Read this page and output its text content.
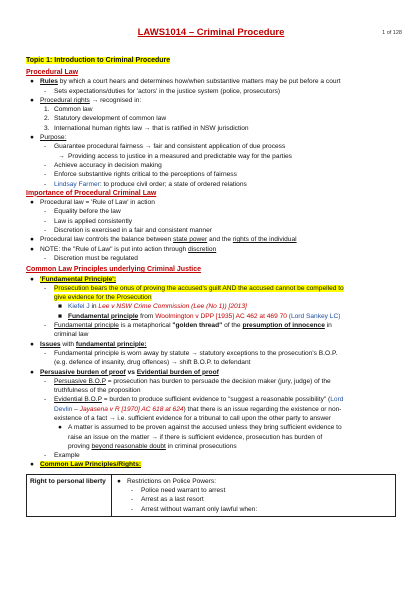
1 of 128
LAWS1014 – Criminal Procedure
Topic 1: Introduction to Criminal Procedure
Procedural Law
● Rules by which a court hears and determines how/when substantive matters may be put before a court
- Sets expectations/duties for 'actors' in the justice system (police, prosecutors)
● Procedural rights → recognised in:
1. Common law
2. Statutory development of common law
3. International human rights law → that is ratified in NSW jurisdiction
● Purpose:
- Guarantee procedural fairness → fair and consistent application of due process
→ Providing access to justice in a measured and predictable way for the parties
- Achieve accuracy in decision making
- Enforce substantive rights critical to the perceptions of fairness
- Lindsay Farmer: to produce civil order; a state of ordered relations
Importance of Procedural Criminal Law
● Procedural law = 'Rule of Law' in action
- Equality before the law
- Law is applied consistently
- Discretion is exercised in a fair and consistent manner
● Procedural law controls the balance between state power and the rights of the individual
● NOTE: the "Rule of Law" is put into action through discretion
- Discretion must be regulated
Common Law Principles underlying Criminal Justice
● 'Fundamental Principle':
- Prosecution bears the onus of proving the accused's guilt AND the accused cannot be compelled to
give evidence for the Prosecution
■ Kiefel J in Lee v NSW Crime Commission (Lee (No 1)) [2013]
■ Fundamental principle from Woolmington v DPP [1935] AC 462 at 469 70 (Lord Sankey LC)
- Fundamental principle is a metaphorical "golden thread" of the presumption of innocence in
criminal law
● Issues with fundamental principle:
- Fundamental principle is worn away by statute → statutory exceptions to the prosecution's B.O.P.
(e.g. defence of insanity, drug offences) → shift B.O.P. to defendant
● Persuasive burden of proof vs Evidential burden of proof
- Persuasive B.O.P = prosecution has burden to persuade the decision maker (jury, judge) of the
truthfulness of the proposition
- Evidential B.O.P = burden to produce sufficient evidence to "suggest a reasonable possibility" (Lord
Devlin – Jayasena v R [1970] AC 618 at 624) that there is an issue regarding the existence or non-
existence of a fact → i.e. sufficient evidence for a tribunal to call upon the other party to answer
● A matter is assumed to be proven against the accused unless they bring sufficient evidence to
raise an issue on the matter → if there is sufficient evidence, prosecution has burden of
proving beyond reasonable doubt in criminal prosecutions
- Example
● Common Law Principles/Rights:
Right to personal liberty	● Restrictions on Police Powers:
- Police need warrant to arrest
- Arrest as a last resort
- Arrest without warrant only lawful when:
